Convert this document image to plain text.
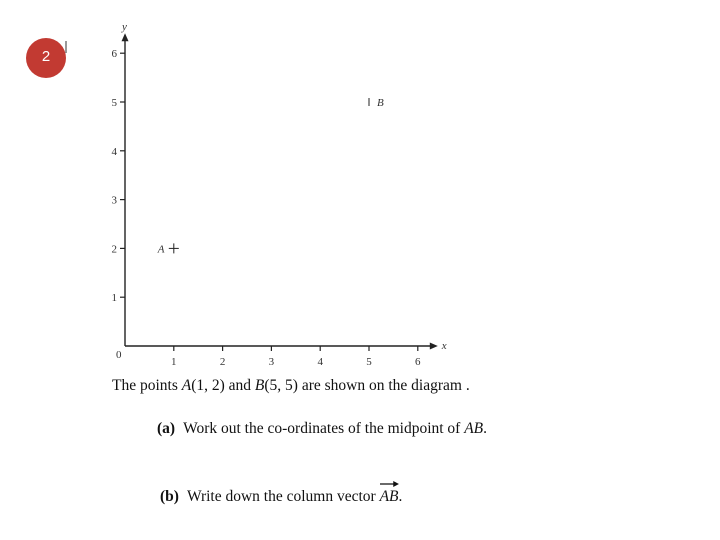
2
x
y
0
1	2	3	4	5	6
1
2
3
4
5
6
A
B
The points A(1, 2) and B(5, 5) are shown on the diagram .
(a) Work out the co-ordinates of the midpoint of AB.
(b) Write down the column vector AB
.
